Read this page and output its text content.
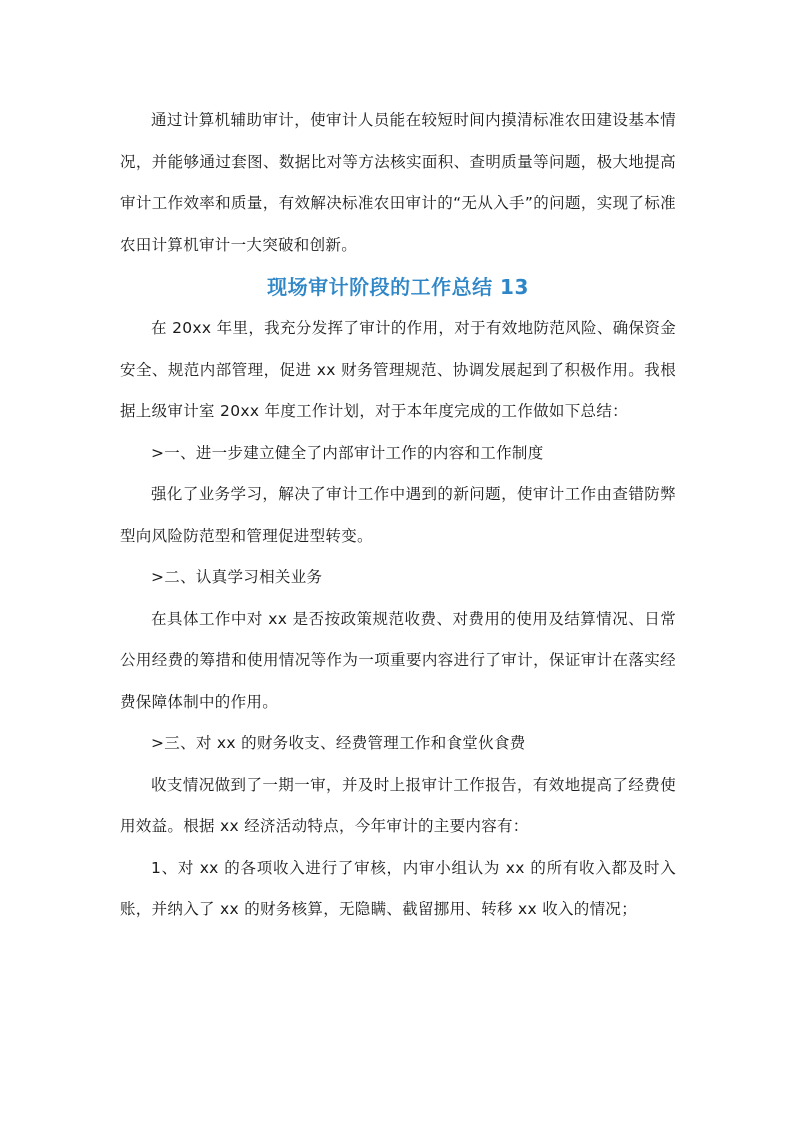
通过计算机辅助审计，使审计人员能在较短时间内摸清标准农田建设基本情况，并能够通过套图、数据比对等方法核实面积、查明质量等问题，极大地提高审计工作效率和质量，有效解决标准农田审计的“无从入手”的问题，实现了标准农田计算机审计一大突破和创新。

现场审计阶段的工作总结 13

在 20xx 年里，我充分发挥了审计的作用，对于有效地防范风险、确保资金安全、规范内部管理，促进 xx 财务管理规范、协调发展起到了积极作用。我根据上级审计室 20xx 年度工作计划，对于本年度完成的工作做如下总结：

>一、进一步建立健全了内部审计工作的内容和工作制度

强化了业务学习，解决了审计工作中遇到的新问题，使审计工作由查错防弊型向风险防范型和管理促进型转变。

>二、认真学习相关业务

在具体工作中对 xx 是否按政策规范收费、对费用的使用及结算情况、日常公用经费的筹措和使用情况等作为一项重要内容进行了审计，保证审计在落实经费保障体制中的作用。

>三、对 xx 的财务收支、经费管理工作和食堂伙食费

收支情况做到了一期一审，并及时上报审计工作报告，有效地提高了经费使用效益。根据 xx 经济活动特点，今年审计的主要内容有：

1、对 xx 的各项收入进行了审核，内审小组认为 xx 的所有收入都及时入账，并纳入了 xx 的财务核算，无隐瞒、截留挪用、转移 xx 收入的情况；
